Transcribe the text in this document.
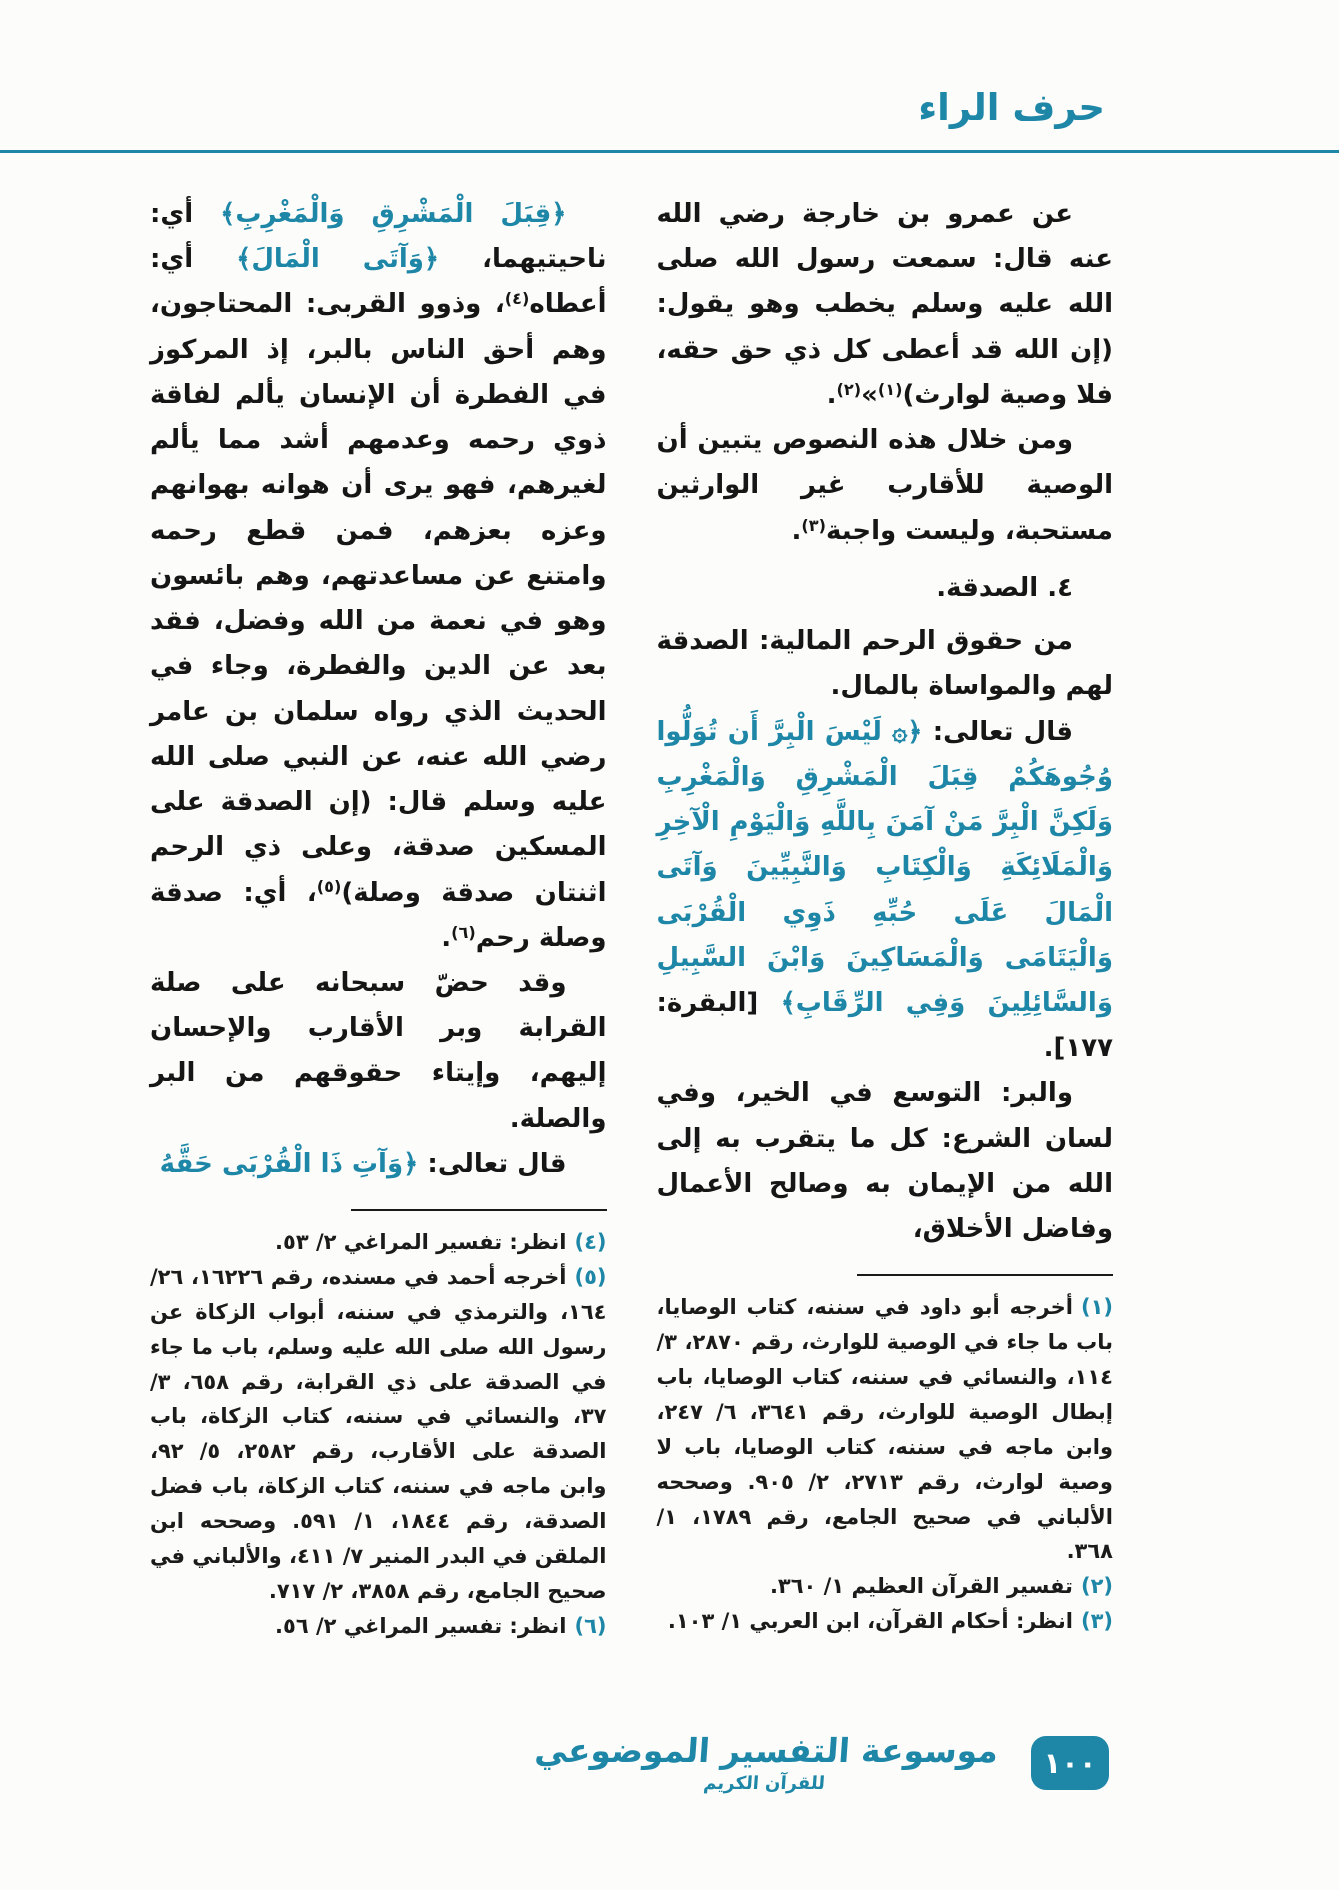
حرف الراء

عن عمرو بن خارجة رضي الله عنه قال: سمعت رسول الله صلى الله عليه وسلم يخطب وهو يقول: (إن الله قد أعطى كل ذي حق حقه، فلا وصية لوارث)$^{(١)}$»$^{(٢)}$.

ومن خلال هذه النصوص يتبين أن الوصية للأقارب غير الوارثين مستحبة، وليست واجبة$^{(٣)}$.

٤. الصدقة.

من حقوق الرحم المالية: الصدقة لهم والمواساة بالمال.

قال تعالى: ﴿۞ لَيْسَ الْبِرَّ أَن تُوَلُّوا وُجُوهَكُمْ قِبَلَ الْمَشْرِقِ وَالْمَغْرِبِ وَلَكِنَّ الْبِرَّ مَنْ آمَنَ بِاللَّهِ وَالْيَوْمِ الْآخِرِ وَالْمَلَائِكَةِ وَالْكِتَابِ وَالنَّبِيِّينَ وَآتَى الْمَالَ عَلَى حُبِّهِ ذَوِي الْقُرْبَى وَالْيَتَامَى وَالْمَسَاكِينَ وَابْنَ السَّبِيلِ وَالسَّائِلِينَ وَفِي الرِّقَابِ﴾ [البقرة: ١٧٧].

والبر: التوسع في الخير، وفي لسان الشرع: كل ما يتقرب به إلى الله من الإيمان به وصالح الأعمال وفاضل الأخلاق،

(١)أخرجه أبو داود في سننه، كتاب الوصايا، باب ما جاء في الوصية للوارث، رقم ٢٨٧٠، ٣/ ١١٤، والنسائي في سننه، كتاب الوصايا، باب إبطال الوصية للوارث، رقم ٣٦٤١، ٦/ ٢٤٧، وابن ماجه في سننه، كتاب الوصايا، باب لا وصية لوارث، رقم ٢٧١٣، ٢/ ٩٠٥. وصححه الألباني في صحيح الجامع، رقم ١٧٨٩، ١/ ٣٦٨.
(٢)تفسير القرآن العظيم ١/ ٣٦٠.
(٣)انظر: أحكام القرآن، ابن العربي ١/ ١٠٣.

﴿قِبَلَ الْمَشْرِقِ وَالْمَغْرِبِ﴾ أي: ناحيتيهما، ﴿وَآتَى الْمَالَ﴾ أي: أعطاه$^{(٤)}$، وذوو القربى: المحتاجون، وهم أحق الناس بالبر، إذ المركوز في الفطرة أن الإنسان يألم لفاقة ذوي رحمه وعدمهم أشد مما يألم لغيرهم، فهو يرى أن هوانه بهوانهم وعزه بعزهم، فمن قطع رحمه وامتنع عن مساعدتهم، وهم بائسون وهو في نعمة من الله وفضل، فقد بعد عن الدين والفطرة، وجاء في الحديث الذي رواه سلمان بن عامر رضي الله عنه، عن النبي صلى الله عليه وسلم قال: (إن الصدقة على المسكين صدقة، وعلى ذي الرحم اثنتان صدقة وصلة)$^{(٥)}$، أي: صدقة وصلة رحم$^{(٦)}$.

وقد حضّ سبحانه على صلة القرابة وبر الأقارب والإحسان إليهم، وإيتاء حقوقهم من البر والصلة.

قال تعالى: ﴿وَآتِ ذَا الْقُرْبَى حَقَّهُ

(٤)انظر: تفسير المراغي ٢/ ٥٣.
(٥)أخرجه أحمد في مسنده، رقم ١٦٢٢٦، ٢٦/ ١٦٤، والترمذي في سننه، أبواب الزكاة عن رسول الله صلى الله عليه وسلم، باب ما جاء في الصدقة على ذي القرابة، رقم ٦٥٨، ٣/ ٣٧، والنسائي في سننه، كتاب الزكاة، باب الصدقة على الأقارب، رقم ٢٥٨٢، ٥/ ٩٢، وابن ماجه في سننه، كتاب الزكاة، باب فضل الصدقة، رقم ١٨٤٤، ١/ ٥٩١. وصححه ابن الملقن في البدر المنير ٧/ ٤١١، والألباني في صحيح الجامع، رقم ٣٨٥٨، ٢/ ٧١٧.
(٦)انظر: تفسير المراغي ٢/ ٥٦.
١٠٠
موسوعة التفسير الموضوعي
للقرآن الكريم
